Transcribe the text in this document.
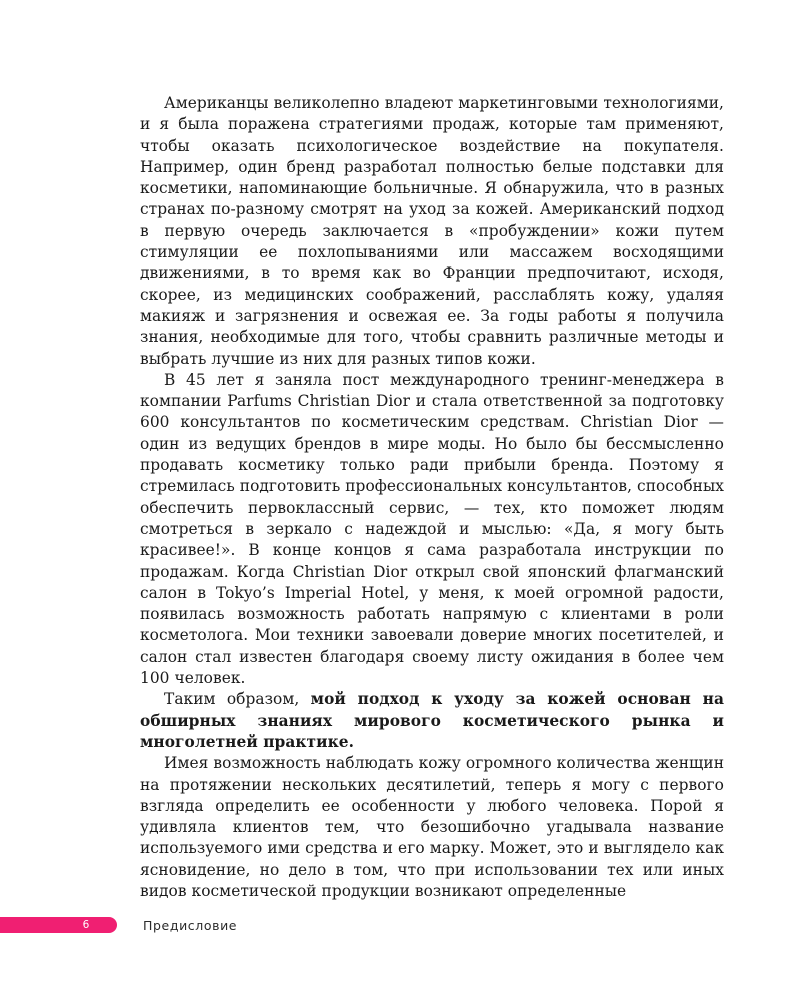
Американцы великолепно владеют маркетинговыми технологиями, и я была поражена стратегиями продаж, которые там применяют, чтобы оказать психологическое воздействие на покупателя. Например, один бренд разработал полностью белые подставки для косметики, напоминающие больничные. Я обнаружила, что в разных странах по-разному смотрят на уход за кожей. Американский подход в первую очередь заключается в «пробуждении» кожи путем стимуляции ее похлопываниями или массажем восходящими движениями, в то время как во Франции предпочитают, исходя, скорее, из медицинских соображений, расслаблять кожу, удаляя макияж и загрязнения и освежая ее. За годы работы я получила знания, необходимые для того, чтобы сравнить различные методы и выбрать лучшие из них для разных типов кожи.

В 45 лет я заняла пост международного тренинг-менеджера в компании Parfums Christian Dior и стала ответственной за подготовку 600 консультантов по косметическим средствам. Christian Dior — один из ведущих брендов в мире моды. Но было бы бессмысленно продавать косметику только ради прибыли бренда. Поэтому я стремилась подготовить профессиональных консультантов, способных обеспечить первоклассный сервис, — тех, кто поможет людям смотреться в зеркало с надеждой и мыслью: «Да, я могу быть красивее!». В конце концов я сама разработала инструкции по продажам. Когда Christian Dior открыл свой японский флагманский салон в Tokyo’s Imperial Hotel, у меня, к моей огромной радости, появилась возможность работать напрямую с клиентами в роли косметолога. Мои техники завоевали доверие многих посетителей, и салон стал известен благодаря своему листу ожидания в более чем 100 человек.

Таким образом, мой подход к уходу за кожей основан на обширных знаниях мирового косметического рынка и многолетней практике.

Имея возможность наблюдать кожу огромного количества женщин на протяжении нескольких десятилетий, теперь я могу с первого взгляда определить ее особенности у любого человека. Порой я удивляла клиентов тем, что безошибочно угадывала название используемого ими средства и его марку. Может, это и выглядело как ясновидение, но дело в том, что при использовании тех или иных видов косметической продукции возникают определенные

6	Предисловие
